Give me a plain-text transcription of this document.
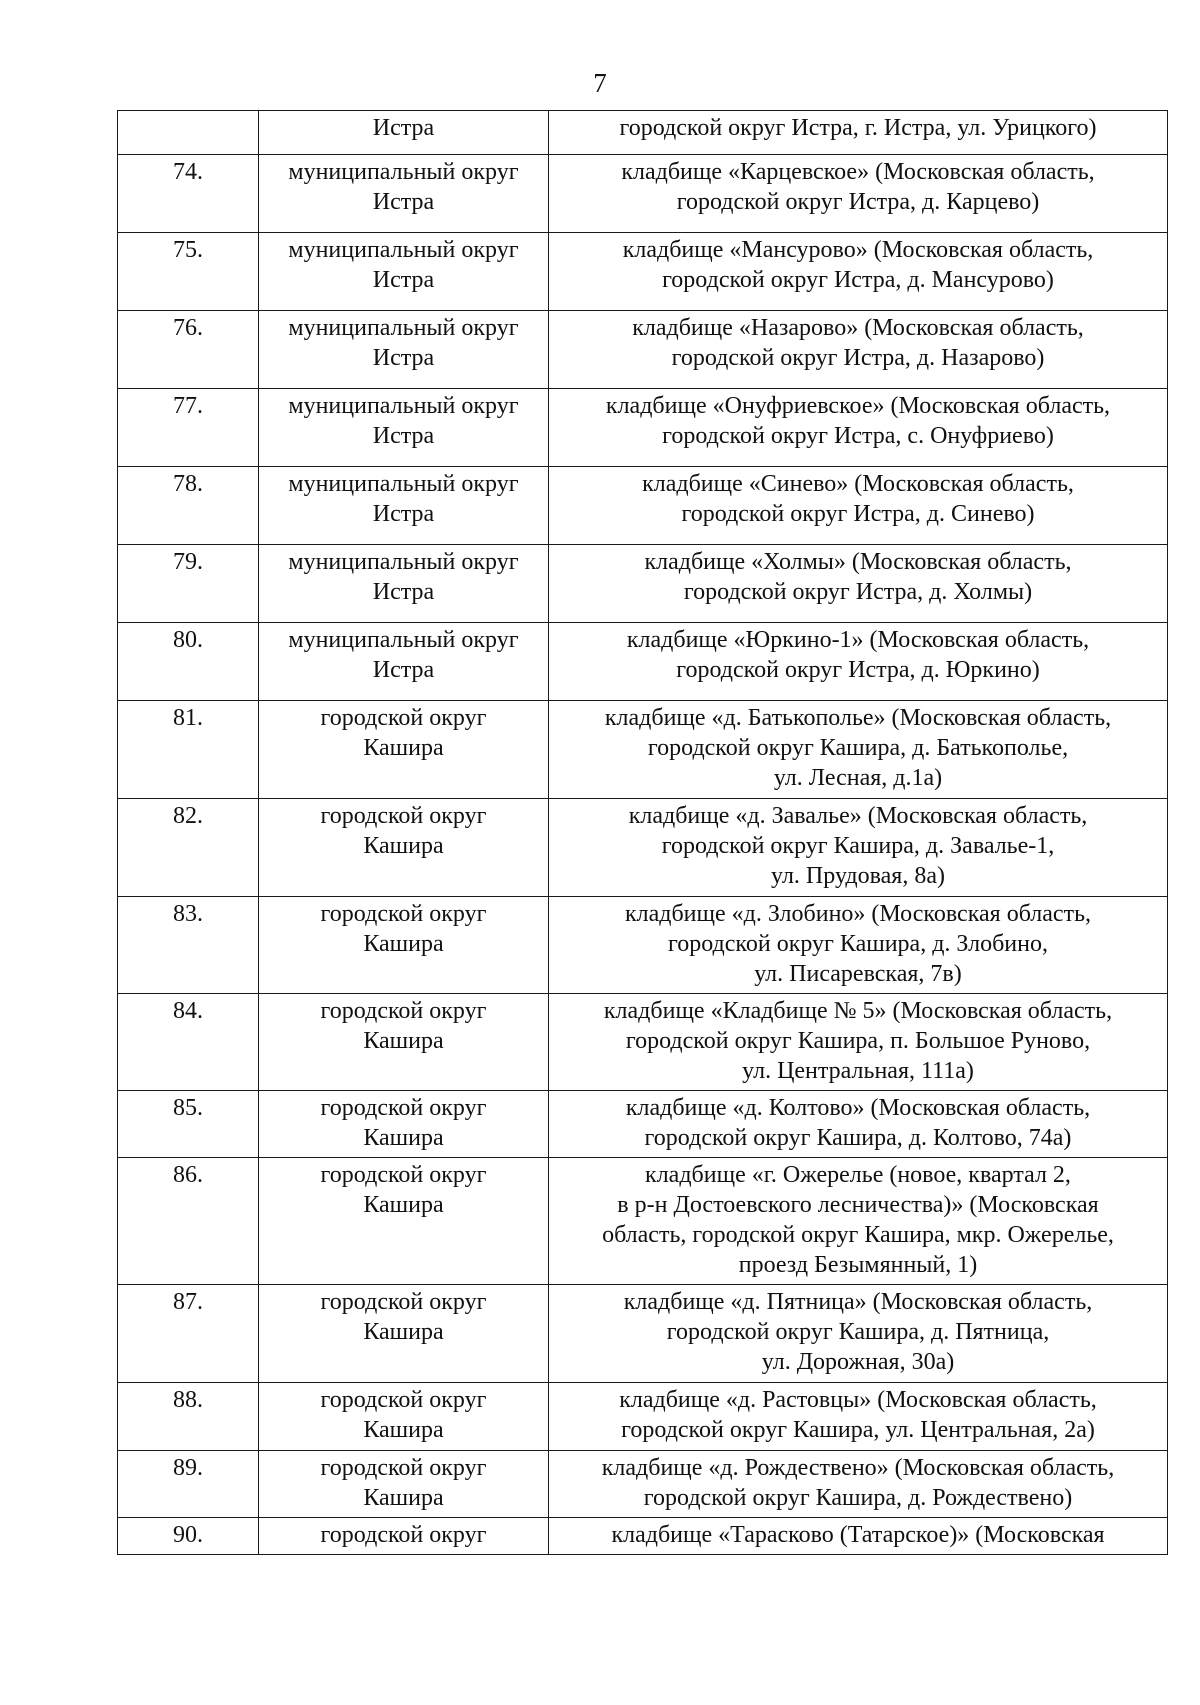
7

	Истра	городской округ Истра, г. Истра, ул. Урицкого)

74.	муниципальный округ
Истра	кладбище «Карцевское» (Московская область,
городской округ Истра, д. Карцево)

75.	муниципальный округ
Истра	кладбище «Мансурово» (Московская область,
городской округ Истра, д. Мансурово)

76.	муниципальный округ
Истра	кладбище «Назарово» (Московская область,
городской округ Истра, д. Назарово)

77.	муниципальный округ
Истра	кладбище «Онуфриевское» (Московская область,
городской округ Истра, с. Онуфриево)

78.	муниципальный округ
Истра	кладбище «Синево» (Московская область,
городской округ Истра, д. Синево)

79.	муниципальный округ
Истра	кладбище «Холмы» (Московская область,
городской округ Истра, д. Холмы)

80.	муниципальный округ
Истра	кладбище «Юркино-1» (Московская область,
городской округ Истра, д. Юркино)

81.	городской округ
Кашира	кладбище «д. Батькополье» (Московская область,
городской округ Кашира, д. Батькополье,
ул. Лесная, д.1а)

82.	городской округ
Кашира	кладбище «д. Завалье» (Московская область,
городской округ Кашира, д. Завалье-1,
ул. Прудовая, 8а)

83.	городской округ
Кашира	кладбище «д. Злобино» (Московская область,
городской округ Кашира, д. Злобино,
ул. Писаревская, 7в)

84.	городской округ
Кашира	кладбище «Кладбище № 5» (Московская область,
городской округ Кашира, п. Большое Руново,
ул. Центральная, 111а)

85.	городской округ
Кашира	кладбище «д. Колтово» (Московская область,
городской округ Кашира, д. Колтово, 74а)

86.	городской округ
Кашира	кладбище «г. Ожерелье (новое, квартал 2,
в р-н Достоевского лесничества)» (Московская
область, городской округ Кашира, мкр. Ожерелье,
проезд Безымянный, 1)

87.	городской округ
Кашира	кладбище «д. Пятница» (Московская область,
городской округ Кашира, д. Пятница,
ул. Дорожная, 30а)

88.	городской округ
Кашира	кладбище «д. Растовцы» (Московская область,
городской округ Кашира, ул. Центральная, 2а)

89.	городской округ
Кашира	кладбище «д. Рождествено» (Московская область,
городской округ Кашира, д. Рождествено)

90.	городской округ	кладбище «Тарасково (Татарское)» (Московская
